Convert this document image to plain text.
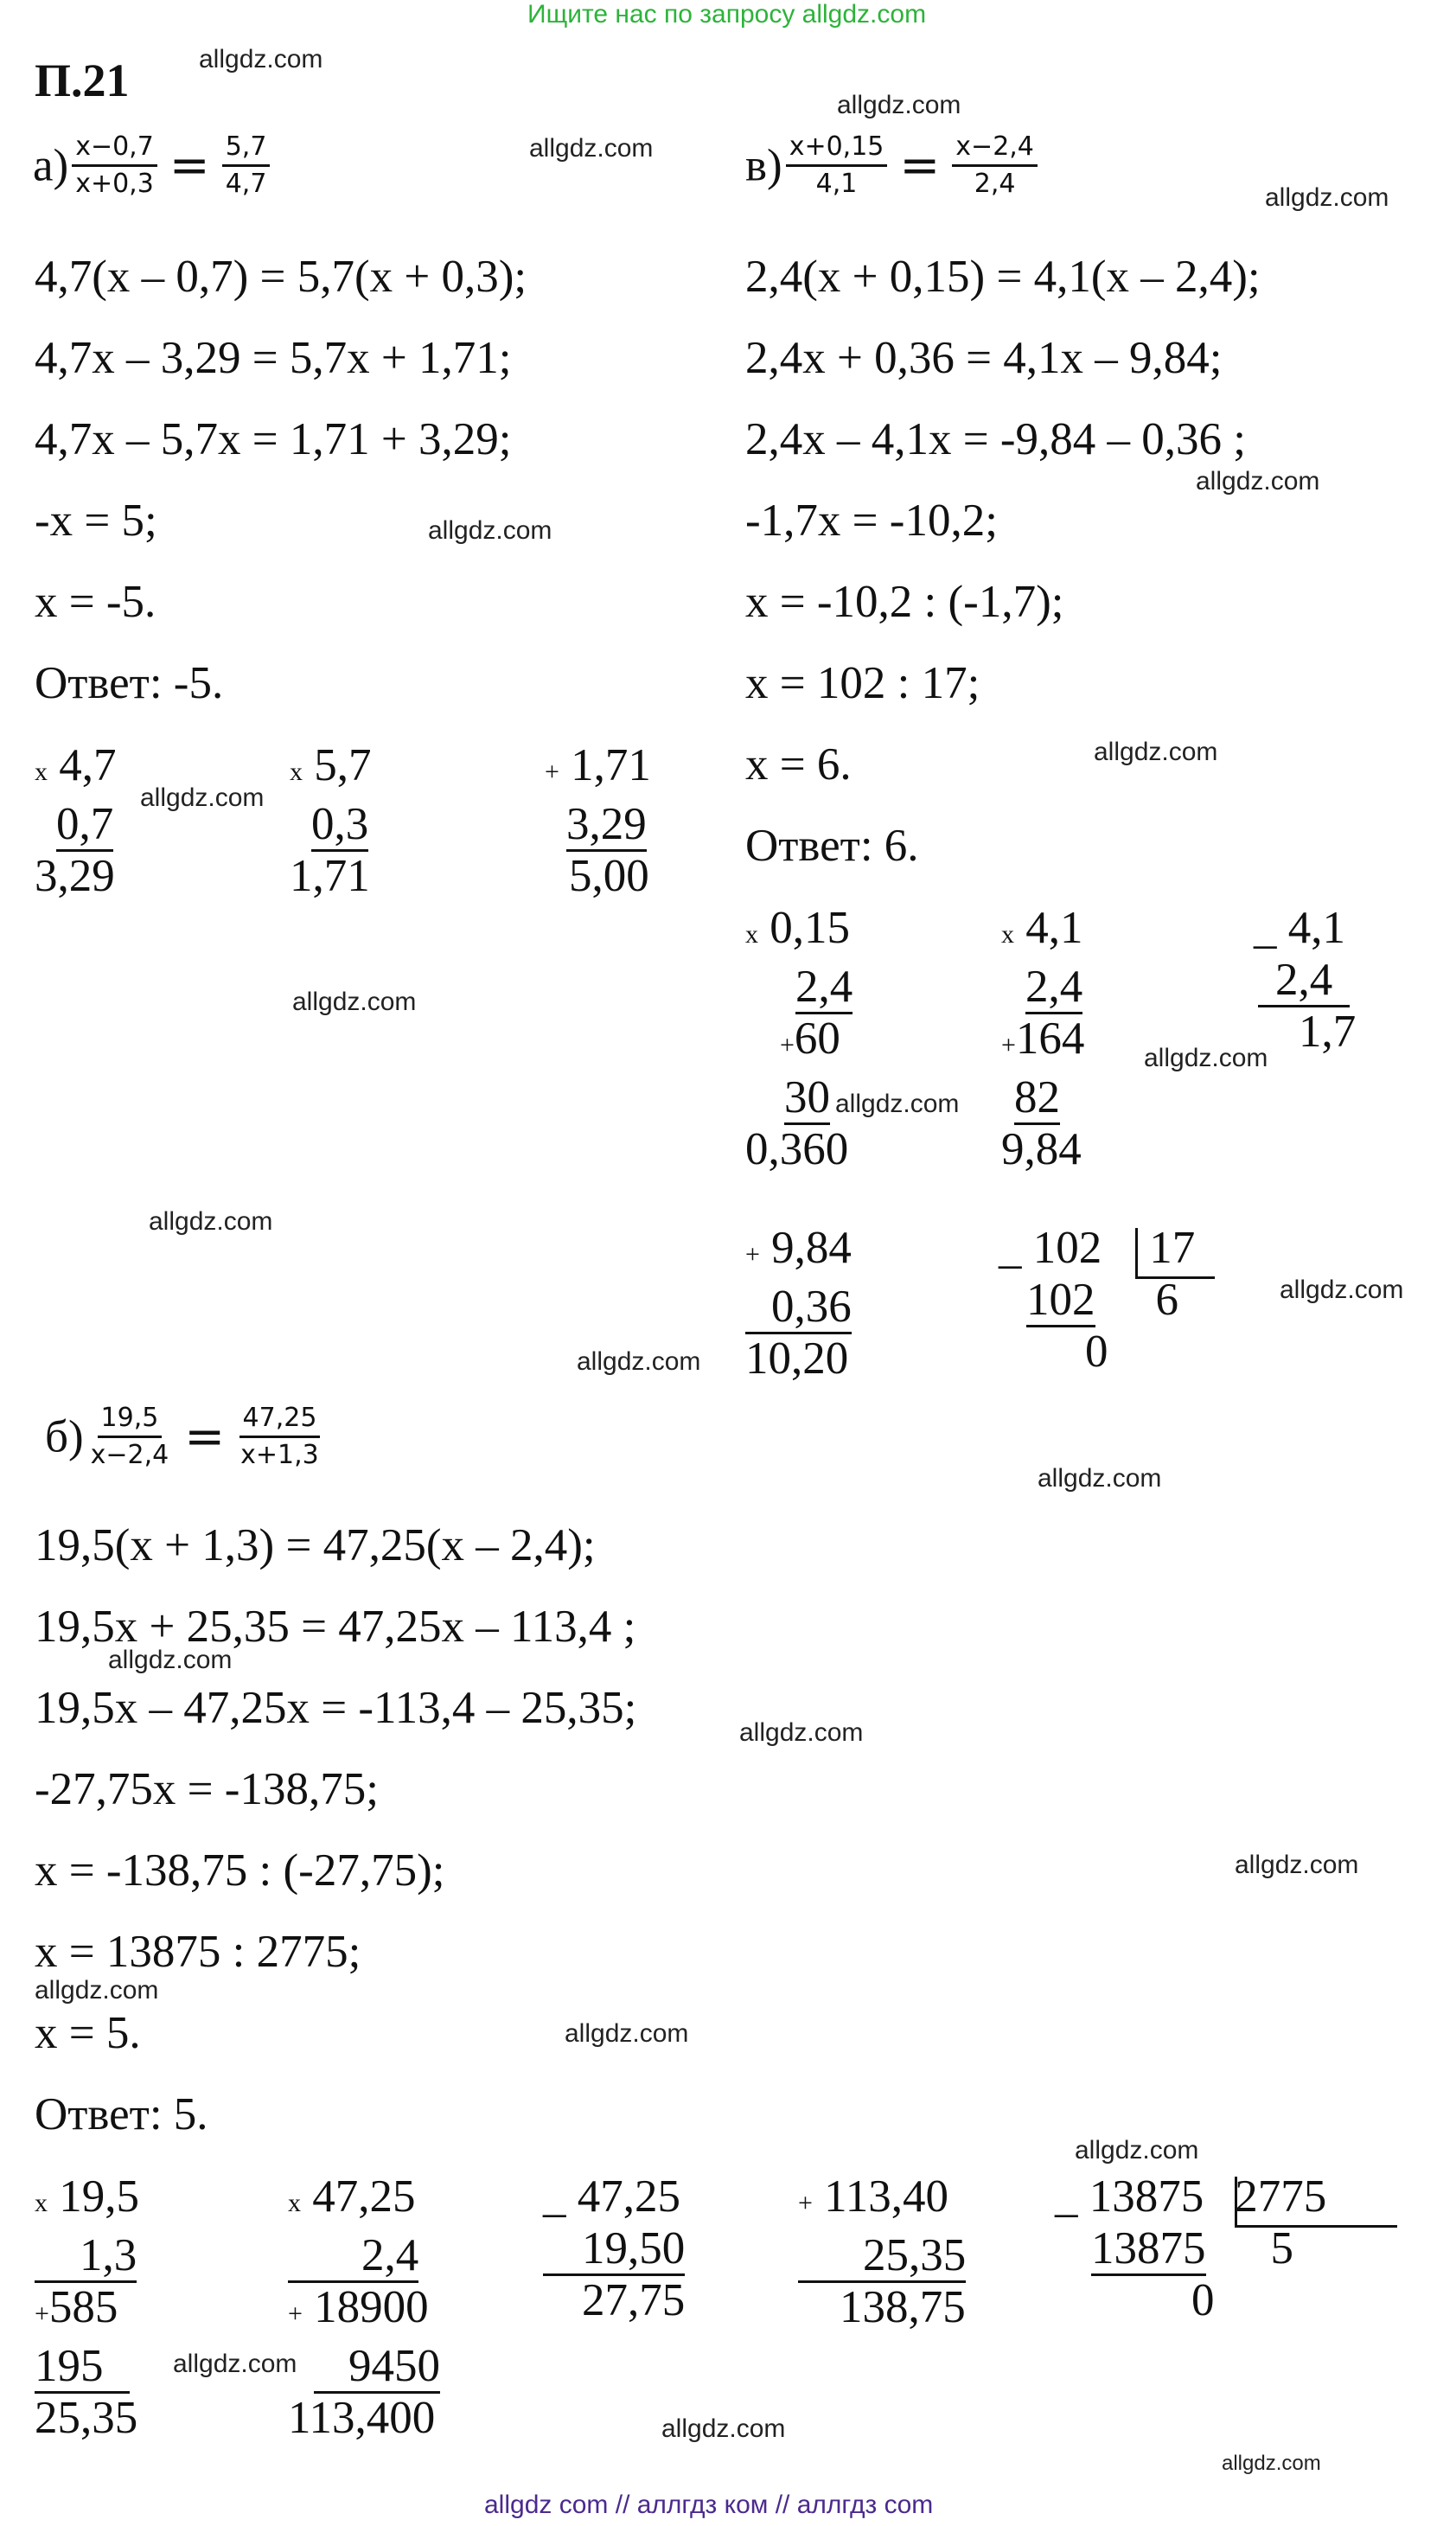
Ищите нас по запросу allgdz.com
П.21
$а) \frac{x-0,7}{x+0,3} = \frac{5,7}{4,7}$
4,7(x – 0,7) = 5,7(x + 0,3);
4,7x – 3,29 = 5,7x + 1,71;
4,7x – 5,7x = 1,71 + 3,29;
-x = 5;
x = -5.
Ответ: -5.
x 4,7
0,7
3,29
x 5,7
0,3
1,71
+ 1,71
3,29
5,00
$в) \frac{x+0,15}{4,1} = \frac{x-2,4}{2,4}$
2,4(x + 0,15) = 4,1(x – 2,4);
2,4x + 0,36 = 4,1x – 9,84;
2,4x – 4,1x = -9,84 – 0,36 ;
-1,7x = -10,2;
x = -10,2 : (-1,7);
x = 102 : 17;
x = 6.
Ответ: 6.
x 0,15
2,4
+60
30
0,360
x 4,1
2,4
+164
82
9,84
_ 4,1
2,4
1,7
+ 9,84
0,36
10,20
_ 102 17
102 6
0
$б) \frac{19,5}{x-2,4} = \frac{47,25}{x+1,3}$
19,5(x + 1,3) = 47,25(x – 2,4);
19,5x + 25,35 = 47,25x – 113,4 ;
19,5x – 47,25x = -113,4 – 25,35;
-27,75x = -138,75;
x = -138,75 : (-27,75);
x = 13875 : 2775;
x = 5.
Ответ: 5.
x 19,5
1,3
+585
195
25,35
x 47,25
2,4
+ 18900
9450
113,400
_ 47,25
19,50
27,75
+ 113,40
25,35
138,75
_ 13875 2775
13875 5
0
allgdz.com
allgdz.com
allgdz.com
allgdz.com
allgdz.com
allgdz.com
allgdz.com
allgdz.com
allgdz.com
allgdz.com
allgdz.com
allgdz.com
allgdz.com
allgdz.com
allgdz.com
allgdz.com
allgdz.com
allgdz.com
allgdz.com
allgdz.com
allgdz.com
allgdz.com
allgdz.com
allgdz.com
allgdz com // аллгдз ком // аллгдз com
